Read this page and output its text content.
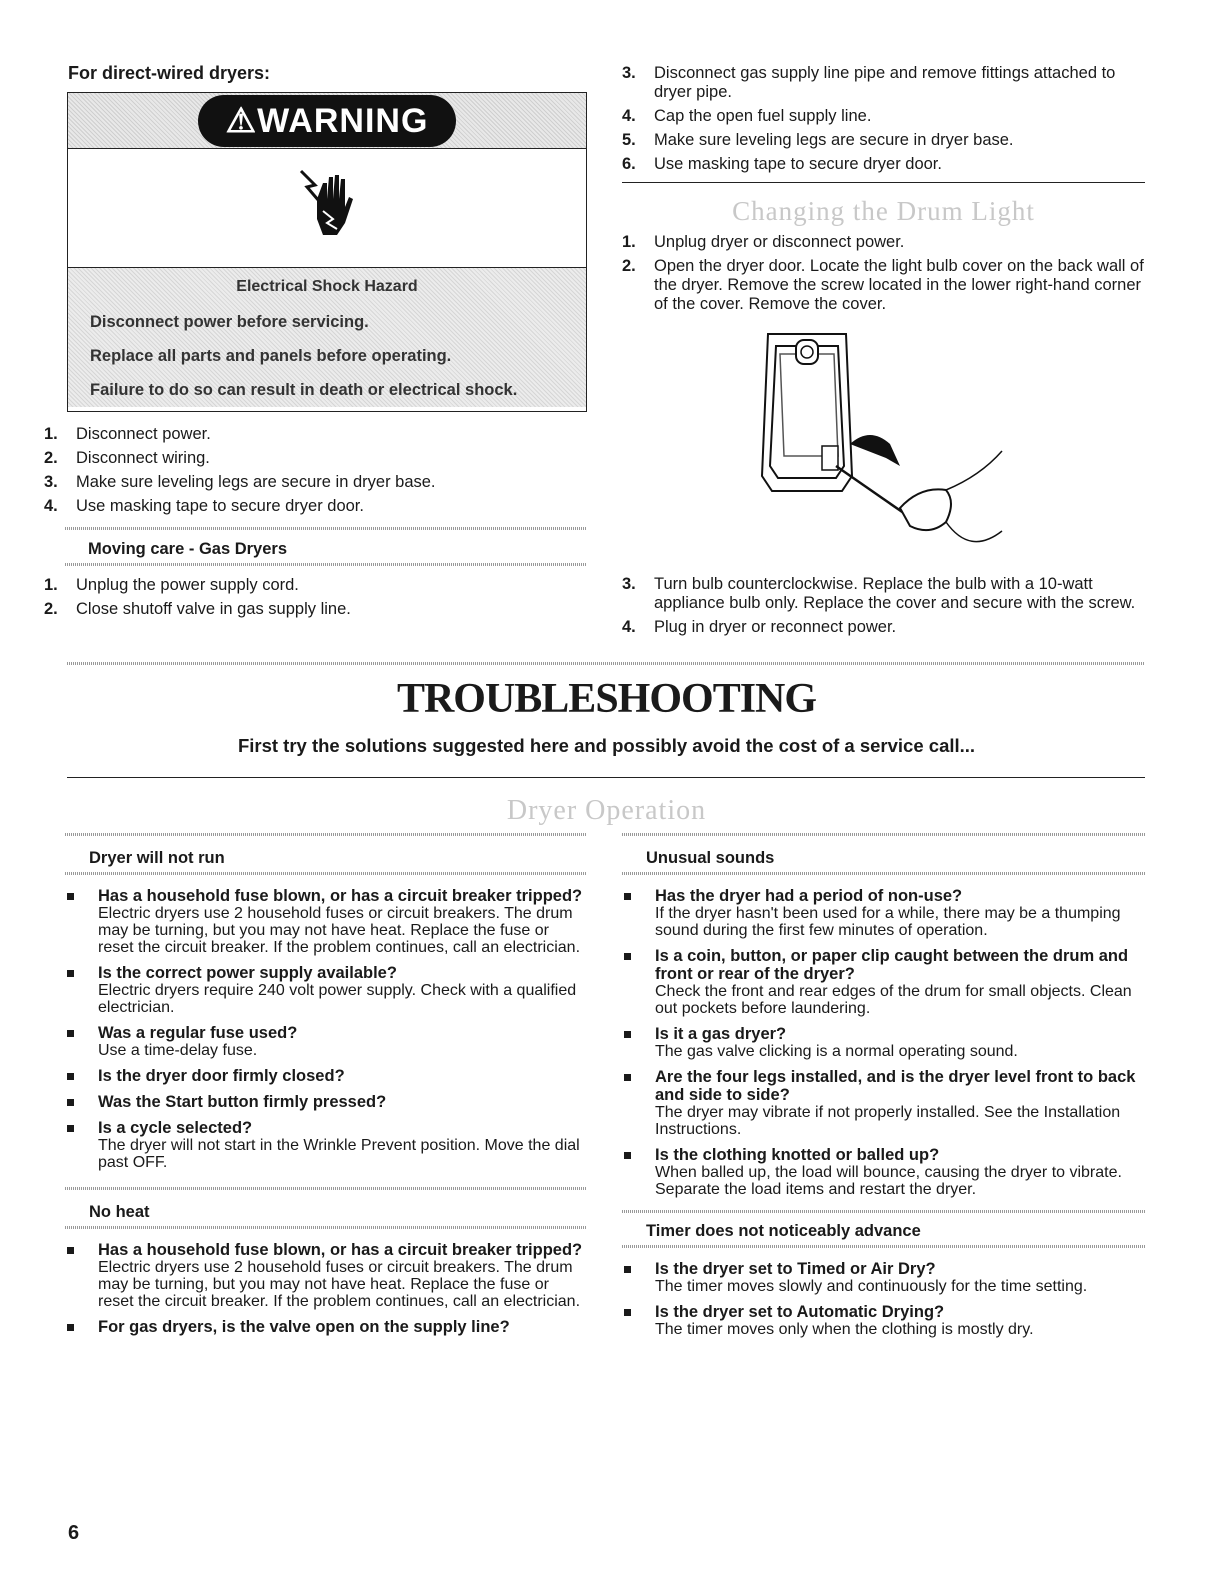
For direct-wired dryers:
⚠WARNING
Electrical Shock Hazard
Disconnect power before servicing.
Replace all parts and panels before operating.
Failure to do so can result in death or electrical shock.
1. Disconnect power.
2. Disconnect wiring.
3. Make sure leveling legs are secure in dryer base.
4. Use masking tape to secure dryer door.
Moving care - Gas Dryers
1. Unplug the power supply cord.
2. Close shutoff valve in gas supply line.
3. Disconnect gas supply line pipe and remove fittings attached to dryer pipe.
4. Cap the open fuel supply line.
5. Make sure leveling legs are secure in dryer base.
6. Use masking tape to secure dryer door.
Changing the Drum Light
1. Unplug dryer or disconnect power.
2. Open the dryer door. Locate the light bulb cover on the back wall of the dryer. Remove the screw located in the lower right-hand corner of the cover. Remove the cover.
3. Turn bulb counterclockwise. Replace the bulb with a 10-watt appliance bulb only. Replace the cover and secure with the screw.
4. Plug in dryer or reconnect power.
TROUBLESHOOTING
First try the solutions suggested here and possibly avoid the cost of a service call...
Dryer Operation
Dryer will not run
Has a household fuse blown, or has a circuit breaker tripped?
Electric dryers use 2 household fuses or circuit breakers. The drum may be turning, but you may not have heat. Replace the fuse or reset the circuit breaker. If the problem continues, call an electrician.
Is the correct power supply available?
Electric dryers require 240 volt power supply. Check with a qualified electrician.
Was a regular fuse used?
Use a time-delay fuse.
Is the dryer door firmly closed?
Was the Start button firmly pressed?
Is a cycle selected?
The dryer will not start in the Wrinkle Prevent position. Move the dial past OFF.
No heat
Has a household fuse blown, or has a circuit breaker tripped?
Electric dryers use 2 household fuses or circuit breakers. The drum may be turning, but you may not have heat. Replace the fuse or reset the circuit breaker. If the problem continues, call an electrician.
For gas dryers, is the valve open on the supply line?
Unusual sounds
Has the dryer had a period of non-use?
If the dryer hasn't been used for a while, there may be a thumping sound during the first few minutes of operation.
Is a coin, button, or paper clip caught between the drum and front or rear of the dryer?
Check the front and rear edges of the drum for small objects. Clean out pockets before laundering.
Is it a gas dryer?
The gas valve clicking is a normal operating sound.
Are the four legs installed, and is the dryer level front to back and side to side?
The dryer may vibrate if not properly installed. See the Installation Instructions.
Is the clothing knotted or balled up?
When balled up, the load will bounce, causing the dryer to vibrate. Separate the load items and restart the dryer.
Timer does not noticeably advance
Is the dryer set to Timed or Air Dry?
The timer moves slowly and continuously for the time setting.
Is the dryer set to Automatic Drying?
The timer moves only when the clothing is mostly dry.
6
